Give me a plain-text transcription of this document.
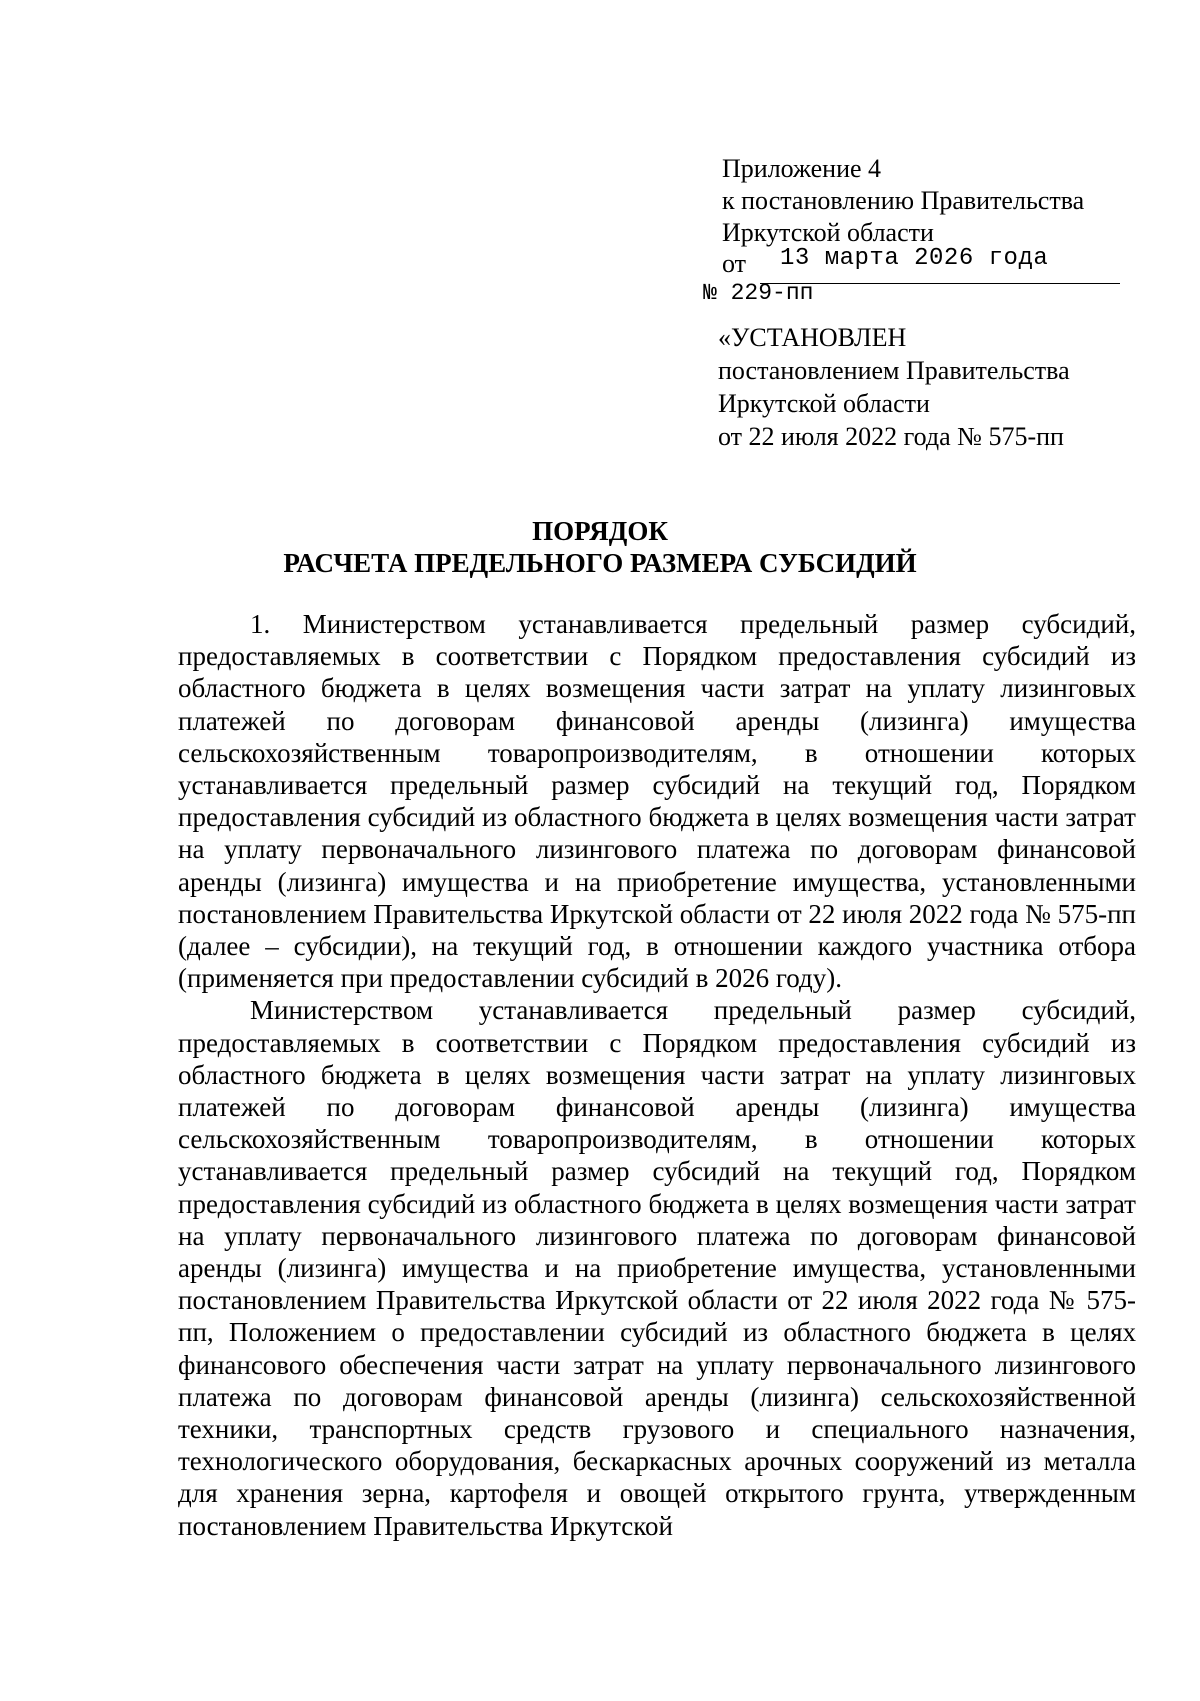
Приложение 4
к постановлению Правительства
Иркутской области
от 13 марта 2026 года
№ 229-пп
«УСТАНОВЛЕН
постановлением Правительства
Иркутской области
от 22 июля 2022 года № 575-пп
ПОРЯДОК
РАСЧЕТА ПРЕДЕЛЬНОГО РАЗМЕРА СУБСИДИЙ

1. Министерством устанавливается предельный размер субсидий, предоставляемых в соответствии с Порядком предоставления субсидий из областного бюджета в целях возмещения части затрат на уплату лизинговых платежей по договорам финансовой аренды (лизинга) имущества сельскохозяйственным товаропроизводителям, в отношении которых устанавливается предельный размер субсидий на текущий год, Порядком предоставления субсидий из областного бюджета в целях возмещения части затрат на уплату первоначального лизингового платежа по договорам финансовой аренды (лизинга) имущества и на приобретение имущества, установленными постановлением Правительства Иркутской области от 22 июля 2022 года № 575-пп (далее – субсидии), на текущий год, в отношении каждого участника отбора (применяется при предоставлении субсидий в 2026 году).

Министерством устанавливается предельный размер субсидий, предоставляемых в соответствии с Порядком предоставления субсидий из областного бюджета в целях возмещения части затрат на уплату лизинговых платежей по договорам финансовой аренды (лизинга) имущества сельскохозяйственным товаропроизводителям, в отношении которых устанавливается предельный размер субсидий на текущий год, Порядком предоставления субсидий из областного бюджета в целях возмещения части затрат на уплату первоначального лизингового платежа по договорам финансовой аренды (лизинга) имущества и на приобретение имущества, установленными постановлением Правительства Иркутской области от 22 июля 2022 года № 575-пп, Положением о предоставлении субсидий из областного бюджета в целях финансового обеспечения части затрат на уплату первоначального лизингового платежа по договорам финансовой аренды (лизинга) сельскохозяйственной техники, транспортных средств грузового и специального назначения, технологического оборудования, бескаркасных арочных сооружений из металла для хранения зерна, картофеля и овощей открытого грунта, утвержденным постановлением Правительства Иркутской
